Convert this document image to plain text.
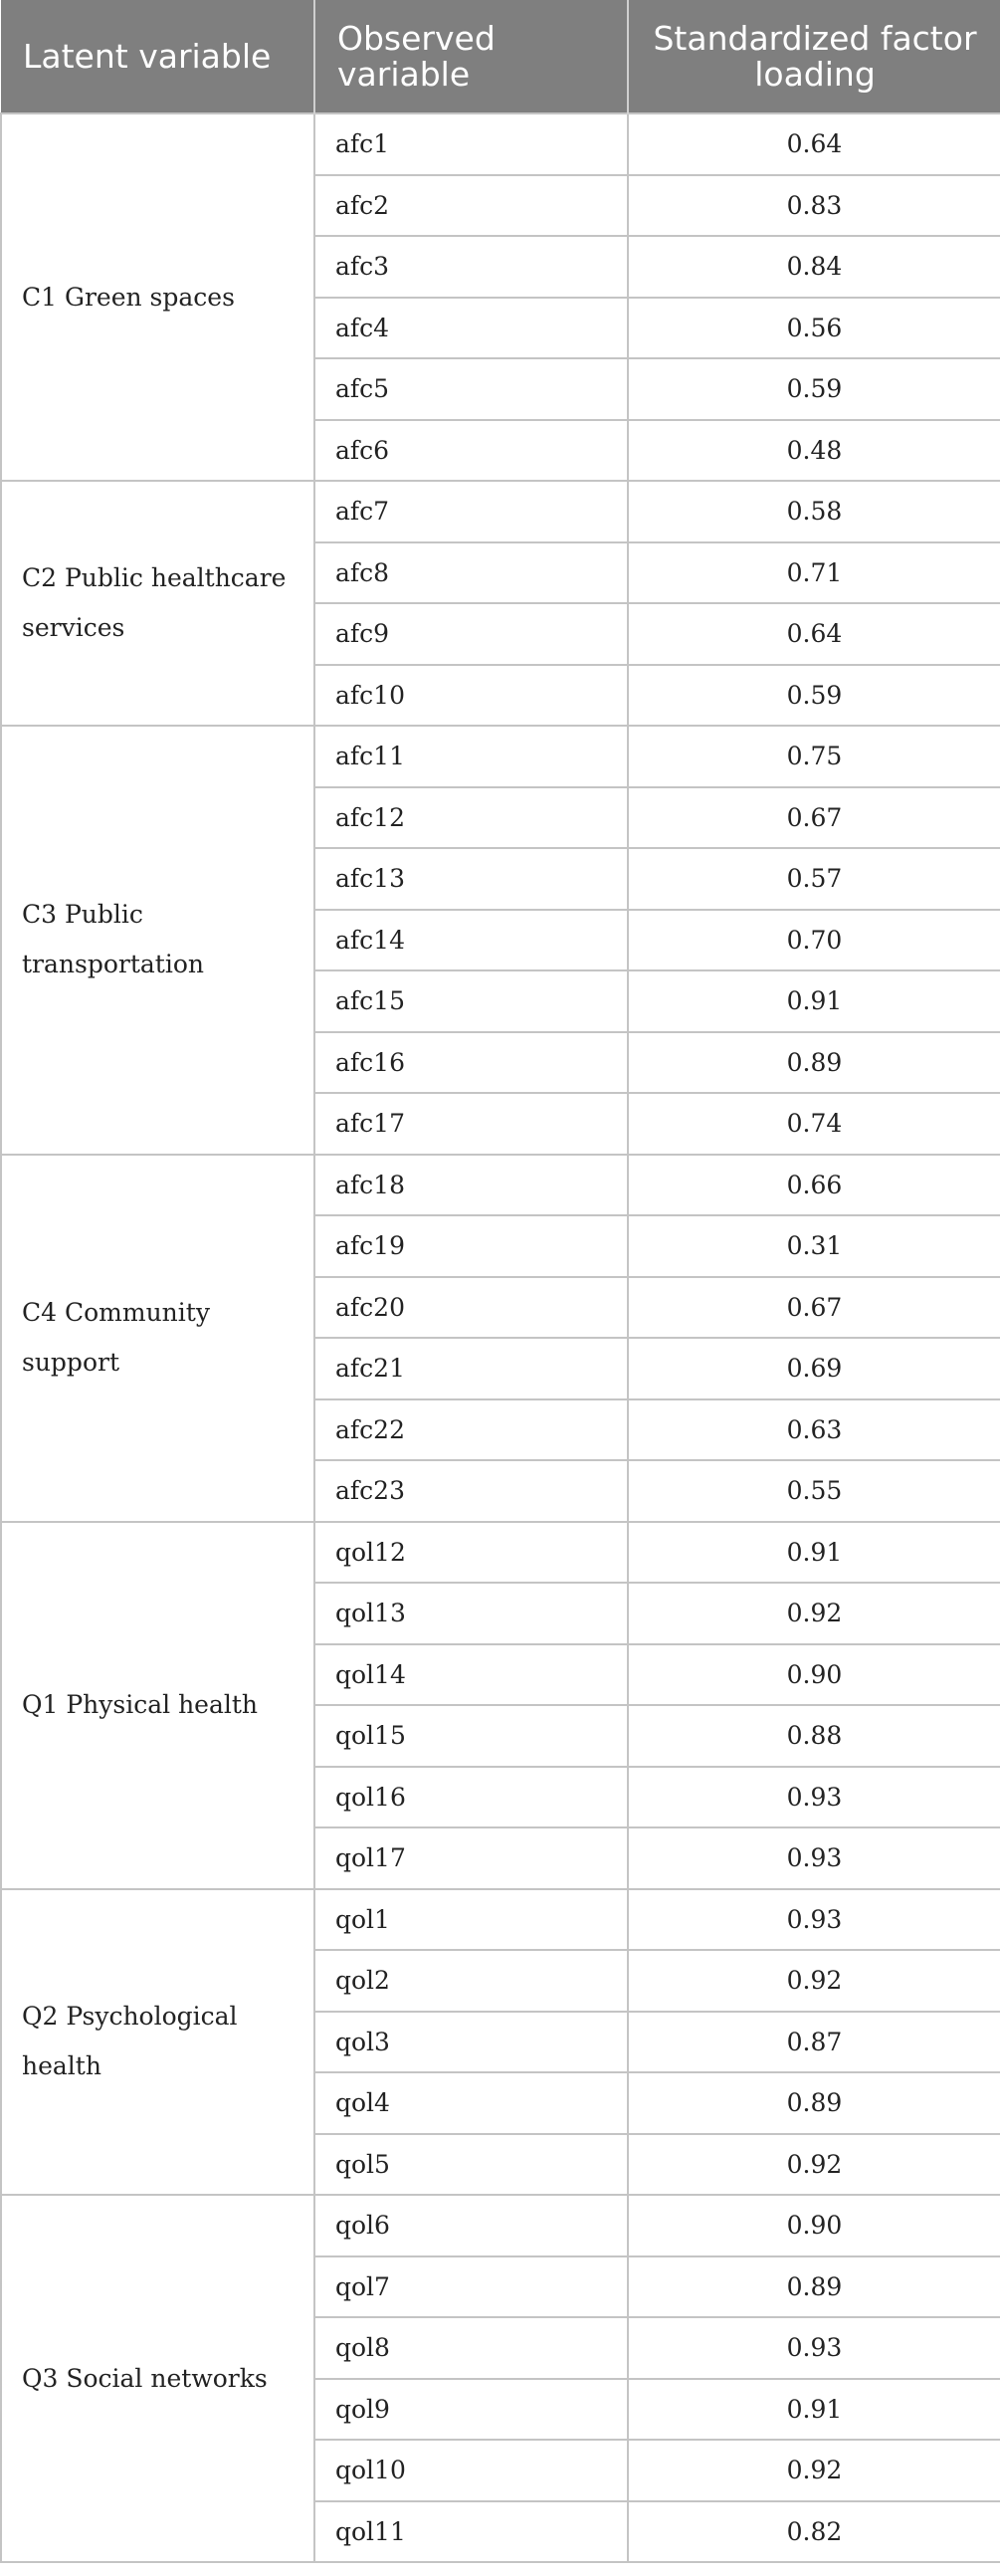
Latent variable	Observed variable	Standardized factor loading
C1 Green spaces	afc1	0.64
	afc2	0.83
	afc3	0.84
	afc4	0.56
	afc5	0.59
	afc6	0.48
C2 Public healthcare services	afc7	0.58
	afc8	0.71
	afc9	0.64
	afc10	0.59
C3 Public transportation	afc11	0.75
	afc12	0.67
	afc13	0.57
	afc14	0.70
	afc15	0.91
	afc16	0.89
	afc17	0.74
C4 Community support	afc18	0.66
	afc19	0.31
	afc20	0.67
	afc21	0.69
	afc22	0.63
	afc23	0.55
Q1 Physical health	qol12	0.91
	qol13	0.92
	qol14	0.90
	qol15	0.88
	qol16	0.93
	qol17	0.93
Q2 Psychological health	qol1	0.93
	qol2	0.92
	qol3	0.87
	qol4	0.89
	qol5	0.92
Q3 Social networks	qol6	0.90
	qol7	0.89
	qol8	0.93
	qol9	0.91
	qol10	0.92
	qol11	0.82
